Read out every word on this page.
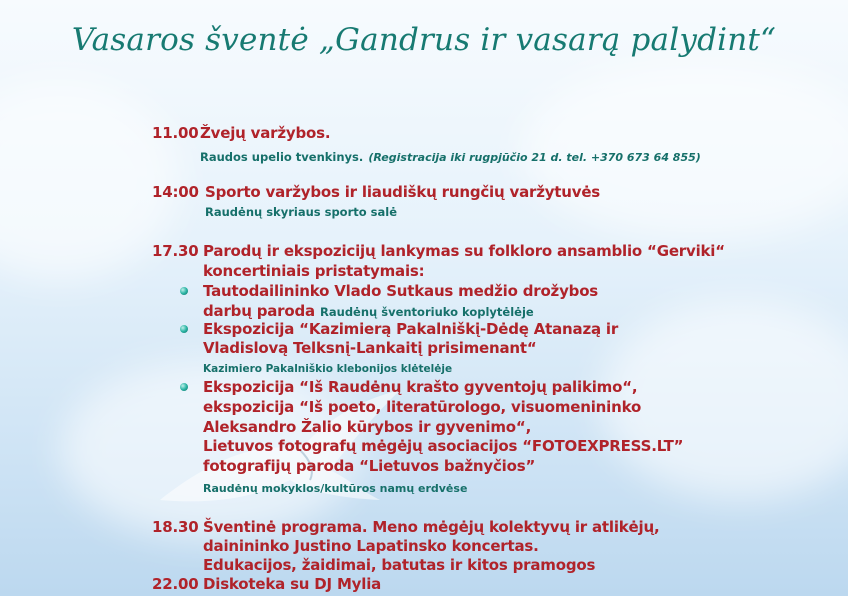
Vasaros šventė „Gandrus ir vasarą palydint“
11.00 Žvejų varžybos.
Raudos upelio tvenkinys. (Registracija iki rugpjūčio 21 d. tel. +370 673 64 855)
14:00 Sporto varžybos ir liaudiškų rungčių varžytuvės
Raudėnų skyriaus sporto salė
17.30 Parodų ir ekspozicijų lankymas su folkloro ansamblio “Gerviki“
koncertiniais pristatymais:
Tautodailininko Vlado Sutkaus medžio drožybos
darbų paroda Raudėnų šventoriuko koplytėlėje
Ekspozicija “Kazimierą Pakalniškį-Dėdę Atanazą ir
Vladislovą Telksnį-Lankaitį prisimenant“
Kazimiero Pakalniškio klebonijos klėtelėje
Ekspozicija “Iš Raudėnų krašto gyventojų palikimo“,
ekspozicija “Iš poeto, literatūrologo, visuomenininko
Aleksandro Žalio kūrybos ir gyvenimo“,
Lietuvos fotografų mėgėjų asociacijos “FOTOEXPRESS.LT”
fotografijų paroda “Lietuvos bažnyčios”
Raudėnų mokyklos/kultūros namų erdvėse
18.30 Šventinė programa. Meno mėgėjų kolektyvų ir atlikėjų,
dainininko Justino Lapatinsko koncertas.
Edukacijos, žaidimai, batutas ir kitos pramogos
22.00 Diskoteka su DJ Mylia
